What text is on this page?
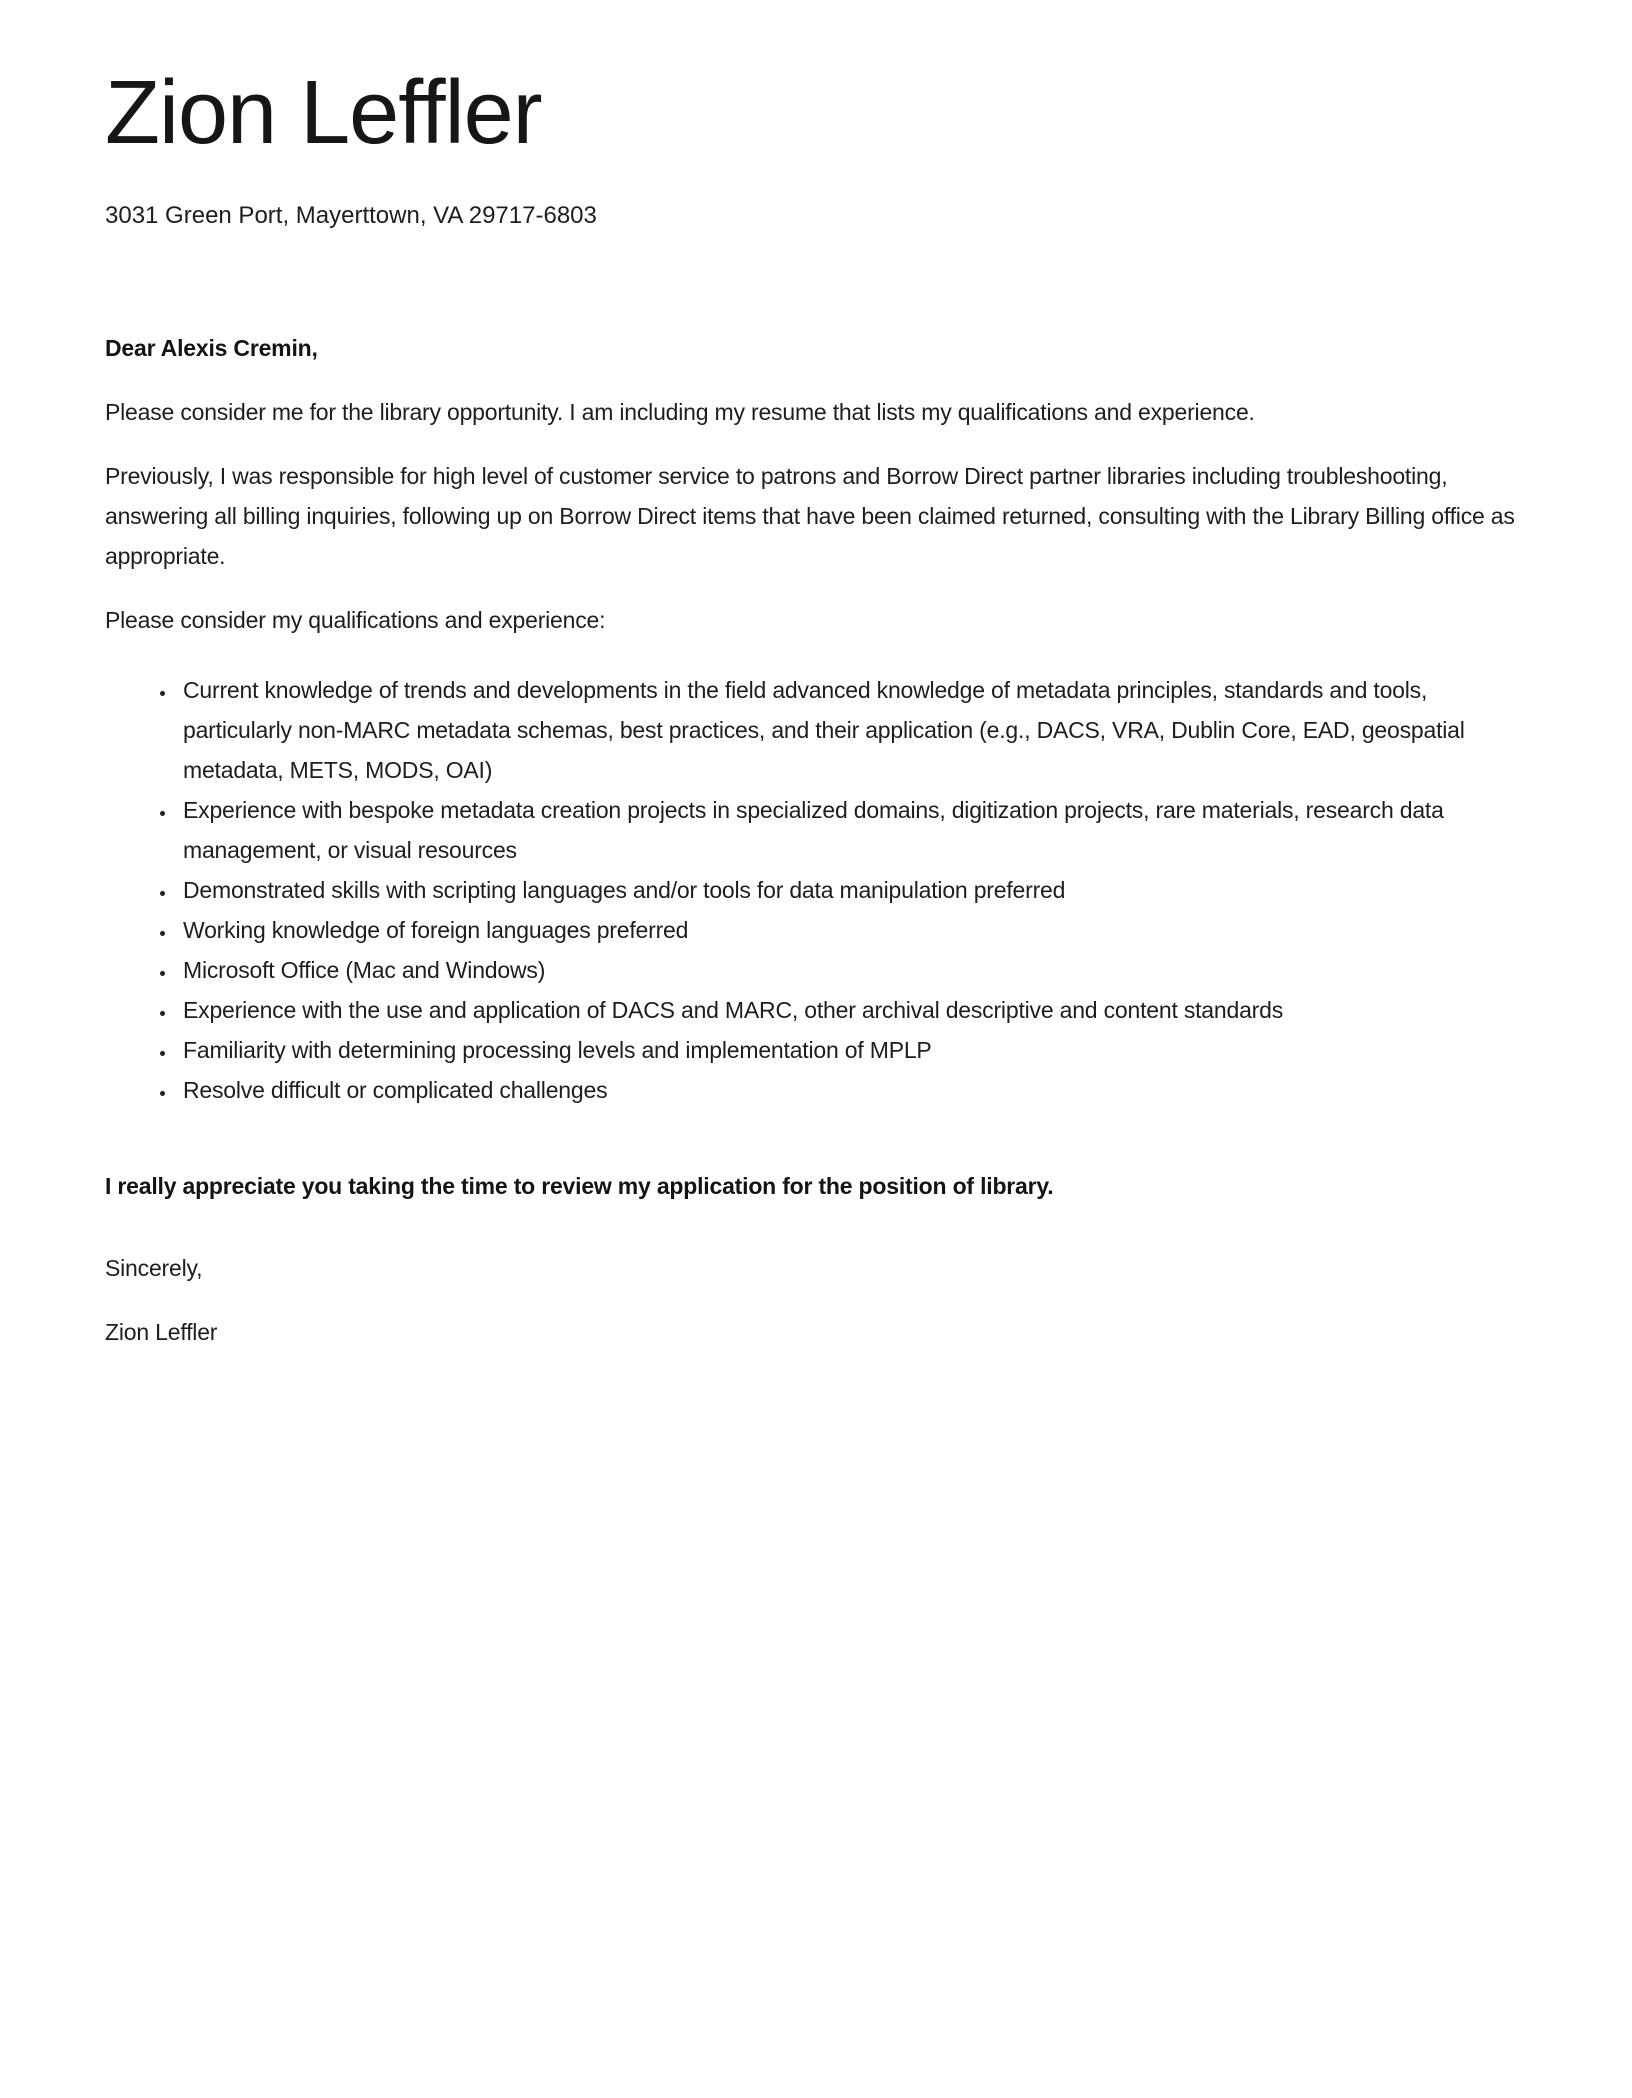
Zion Leffler

3031 Green Port, Mayerttown, VA 29717-6803

Dear Alexis Cremin,

Please consider me for the library opportunity. I am including my resume that lists my qualifications and experience.

Previously, I was responsible for high level of customer service to patrons and Borrow Direct partner libraries including troubleshooting, answering all billing inquiries, following up on Borrow Direct items that have been claimed returned, consulting with the Library Billing office as appropriate.

Please consider my qualifications and experience:

• Current knowledge of trends and developments in the field advanced knowledge of metadata principles, standards and tools, particularly non-MARC metadata schemas, best practices, and their application (e.g., DACS, VRA, Dublin Core, EAD, geospatial metadata, METS, MODS, OAI)
• Experience with bespoke metadata creation projects in specialized domains, digitization projects, rare materials, research data management, or visual resources
• Demonstrated skills with scripting languages and/or tools for data manipulation preferred
• Working knowledge of foreign languages preferred
• Microsoft Office (Mac and Windows)
• Experience with the use and application of DACS and MARC, other archival descriptive and content standards
• Familiarity with determining processing levels and implementation of MPLP
• Resolve difficult or complicated challenges

I really appreciate you taking the time to review my application for the position of library.

Sincerely,

Zion Leffler
